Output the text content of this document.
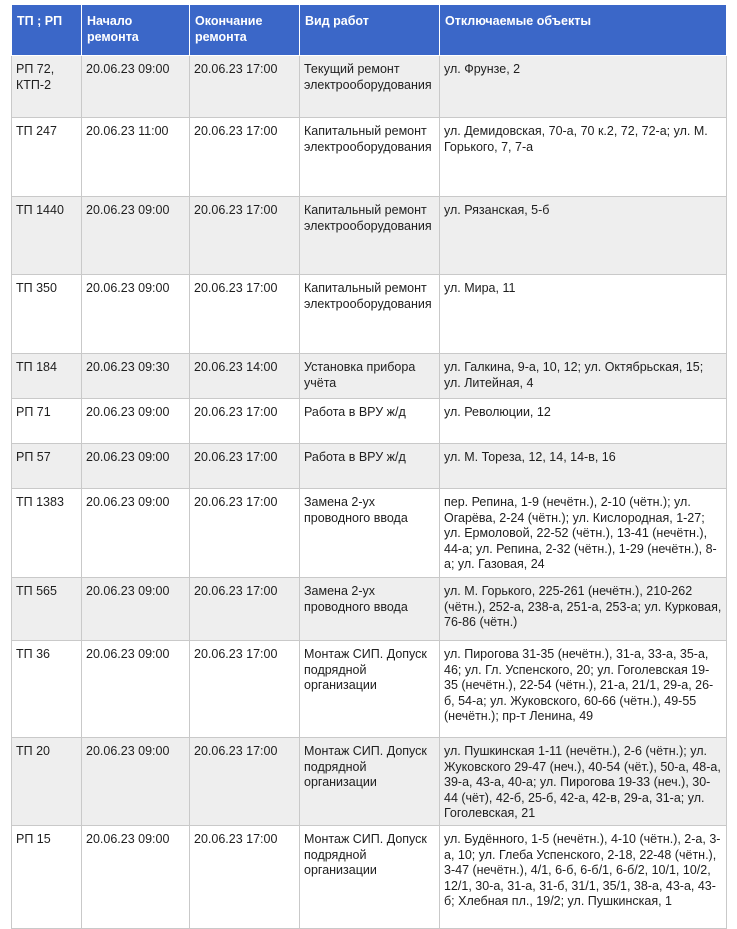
ТП ; РП	Начало ремонта	Окончание ремонта	Вид работ	Отключаемые объекты
РП 72, КТП-2	20.06.23 09:00	20.06.23 17:00	Текущий ремонт электрооборудования	ул. Фрунзе, 2
ТП 247	20.06.23 11:00	20.06.23 17:00	Капитальный ремонт электрооборудования	ул. Демидовская, 70-а, 70 к.2, 72, 72-а; ул. М. Горького, 7, 7-а
ТП 1440	20.06.23 09:00	20.06.23 17:00	Капитальный ремонт электрооборудования	ул. Рязанская, 5-б
ТП 350	20.06.23 09:00	20.06.23 17:00	Капитальный ремонт электрооборудования	ул. Мира, 11
ТП 184	20.06.23 09:30	20.06.23 14:00	Установка прибора учёта	ул. Галкина, 9-а, 10, 12; ул. Октябрьская, 15; ул. Литейная, 4
РП 71	20.06.23 09:00	20.06.23 17:00	Работа в ВРУ ж/д	ул. Революции, 12
РП 57	20.06.23 09:00	20.06.23 17:00	Работа в ВРУ ж/д	ул. М. Тореза, 12, 14, 14-в, 16
ТП 1383	20.06.23 09:00	20.06.23 17:00	Замена 2-ух проводного ввода	пер. Репина, 1-9 (нечётн.), 2-10 (чётн.); ул. Огарёва, 2-24 (чётн.); ул. Кислородная, 1-27; ул. Ермоловой, 22-52 (чётн.), 13-41 (нечётн.), 44-а; ул. Репина, 2-32 (чётн.), 1-29 (нечётн.), 8-а; ул. Газовая, 24
ТП 565	20.06.23 09:00	20.06.23 17:00	Замена 2-ух проводного ввода	ул. М. Горького, 225-261 (нечётн.), 210-262 (чётн.), 252-а, 238-а, 251-а, 253-а; ул. Курковая, 76-86 (чётн.)
ТП 36	20.06.23 09:00	20.06.23 17:00	Монтаж СИП. Допуск подрядной организации	ул. Пирогова 31-35 (нечётн.), 31-а, 33-а, 35-а, 46; ул. Гл. Успенского, 20; ул. Гоголевская 19-35 (нечётн.), 22-54 (чётн.), 21-а, 21/1, 29-а, 26-б, 54-а; ул. Жуковского, 60-66 (чётн.), 49-55 (нечётн.); пр-т Ленина, 49
ТП 20	20.06.23 09:00	20.06.23 17:00	Монтаж СИП. Допуск подрядной организации	ул. Пушкинская 1-11 (нечётн.), 2-6 (чётн.); ул. Жуковского 29-47 (неч.), 40-54 (чёт.), 50-а, 48-а, 39-а, 43-а, 40-а; ул. Пирогова 19-33 (неч.), 30-44 (чёт), 42-б, 25-б, 42-а, 42-в, 29-а, 31-а; ул. Гоголевская, 21
РП 15	20.06.23 09:00	20.06.23 17:00	Монтаж СИП. Допуск подрядной организации	ул. Будённого, 1-5 (нечётн.), 4-10 (чётн.), 2-а, 3-а, 10; ул. Глеба Успенского, 2-18, 22-48 (чётн.), 3-47 (нечётн.), 4/1, 6-б, 6-б/1, 6-б/2, 10/1, 10/2, 12/1, 30-а, 31-а, 31-б, 31/1, 35/1, 38-а, 43-а, 43-б; Хлебная пл., 19/2; ул. Пушкинская, 1
